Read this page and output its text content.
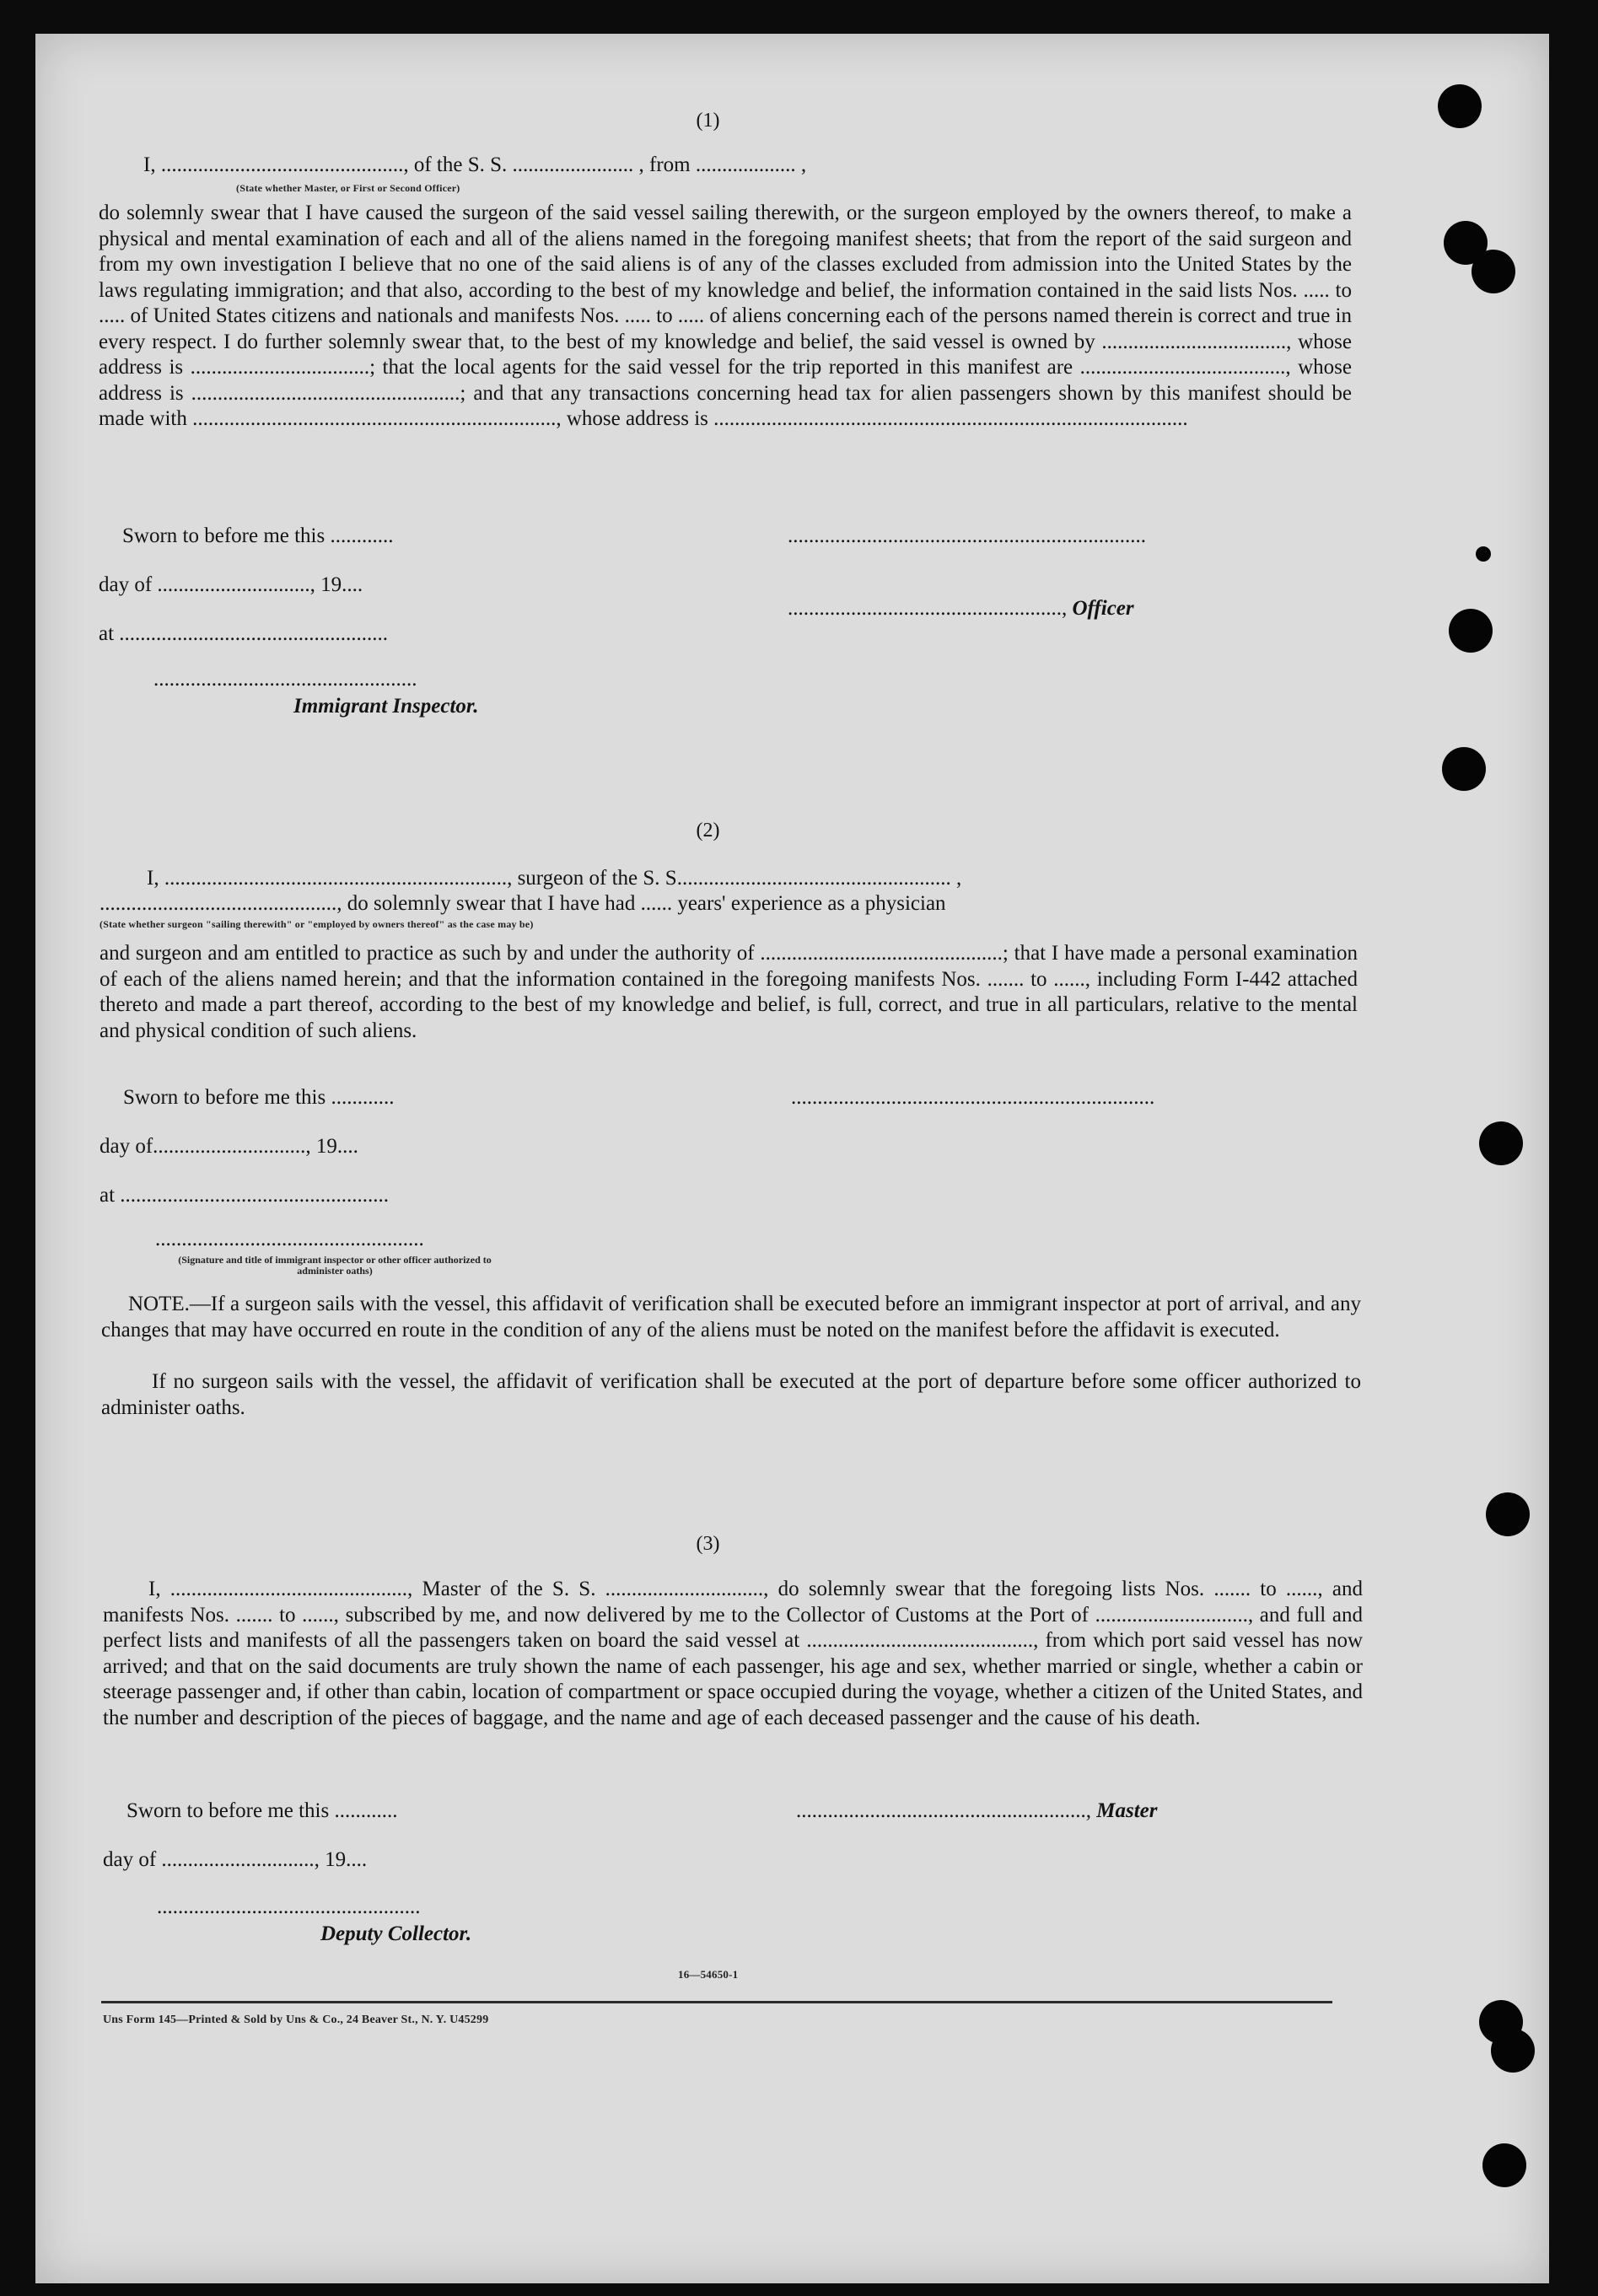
(1)
I, .............................................., of the S. S. ....................... , from ................... ,
(State whether Master, or First or Second Officer)

do solemnly swear that I have caused the surgeon of the said vessel sailing therewith, or the surgeon employed by the owners thereof, to make a physical and mental examination of each and all of the aliens named in the foregoing manifest sheets; that from the report of the said surgeon and from my own investigation I believe that no one of the said aliens is of any of the classes excluded from admission into the United States by the laws regulating immigration; and that also, according to the best of my knowledge and belief, the information contained in the said lists Nos. ..... to ..... of United States citizens and nationals and manifests Nos. ..... to ..... of aliens concerning each of the persons named therein is correct and true in every respect. I do further solemnly swear that, to the best of my knowledge and belief, the said vessel is owned by ..................................., whose address is ..................................; that the local agents for the said vessel for the trip reported in this manifest are ......................................., whose address is ...................................................; and that any transactions concerning head tax for alien passengers shown by this manifest should be made with ....................................................................., whose address is ..........................................................................................

Sworn to before me this ............	....................................................................
day of ............................., 19....
...................................................., Officer
at ...................................................
..................................................
Immigrant Inspector.
(2)
I, ................................................................., surgeon of the S. S.................................................... ,
............................................., do solemnly swear that I have had ...... years' experience as a physician
(State whether surgeon "sailing therewith" or "employed by owners thereof" as the case may be)

and surgeon and am entitled to practice as such by and under the authority of ..............................................; that I have made a personal examination of each of the aliens named herein; and that the information contained in the foregoing manifests Nos. ....... to ......, including Form I-442 attached thereto and made a part thereof, according to the best of my knowledge and belief, is full, correct, and true in all particulars, relative to the mental and physical condition of such aliens.

Sworn to before me this ............	.....................................................................
day of............................., 19....
at ...................................................
...................................................
(Signature and title of immigrant inspector or other officer authorized to administer oaths)

NOTE.—If a surgeon sails with the vessel, this affidavit of verification shall be executed before an immigrant inspector at port of arrival, and any changes that may have occurred en route in the condition of any of the aliens must be noted on the manifest before the affidavit is executed.

If no surgeon sails with the vessel, the affidavit of verification shall be executed at the port of departure before some officer authorized to administer oaths.

(3)

I, ............................................., Master of the S. S. .............................., do solemnly swear that the foregoing lists Nos. ....... to ......, and manifests Nos. ....... to ......, subscribed by me, and now delivered by me to the Collector of Customs at the Port of ............................., and full and perfect lists and manifests of all the passengers taken on board the said vessel at ..........................................., from which port said vessel has now arrived; and that on the said documents are truly shown the name of each passenger, his age and sex, whether married or single, whether a cabin or steerage passenger and, if other than cabin, location of compartment or space occupied during the voyage, whether a citizen of the United States, and the number and description of the pieces of baggage, and the name and age of each deceased passenger and the cause of his death.

Sworn to before me this ............	......................................................., Master
day of ............................., 19....
..................................................
Deputy Collector.
16—54650-1
Uns Form 145—Printed & Sold by Uns & Co., 24 Beaver St., N. Y. U45299
